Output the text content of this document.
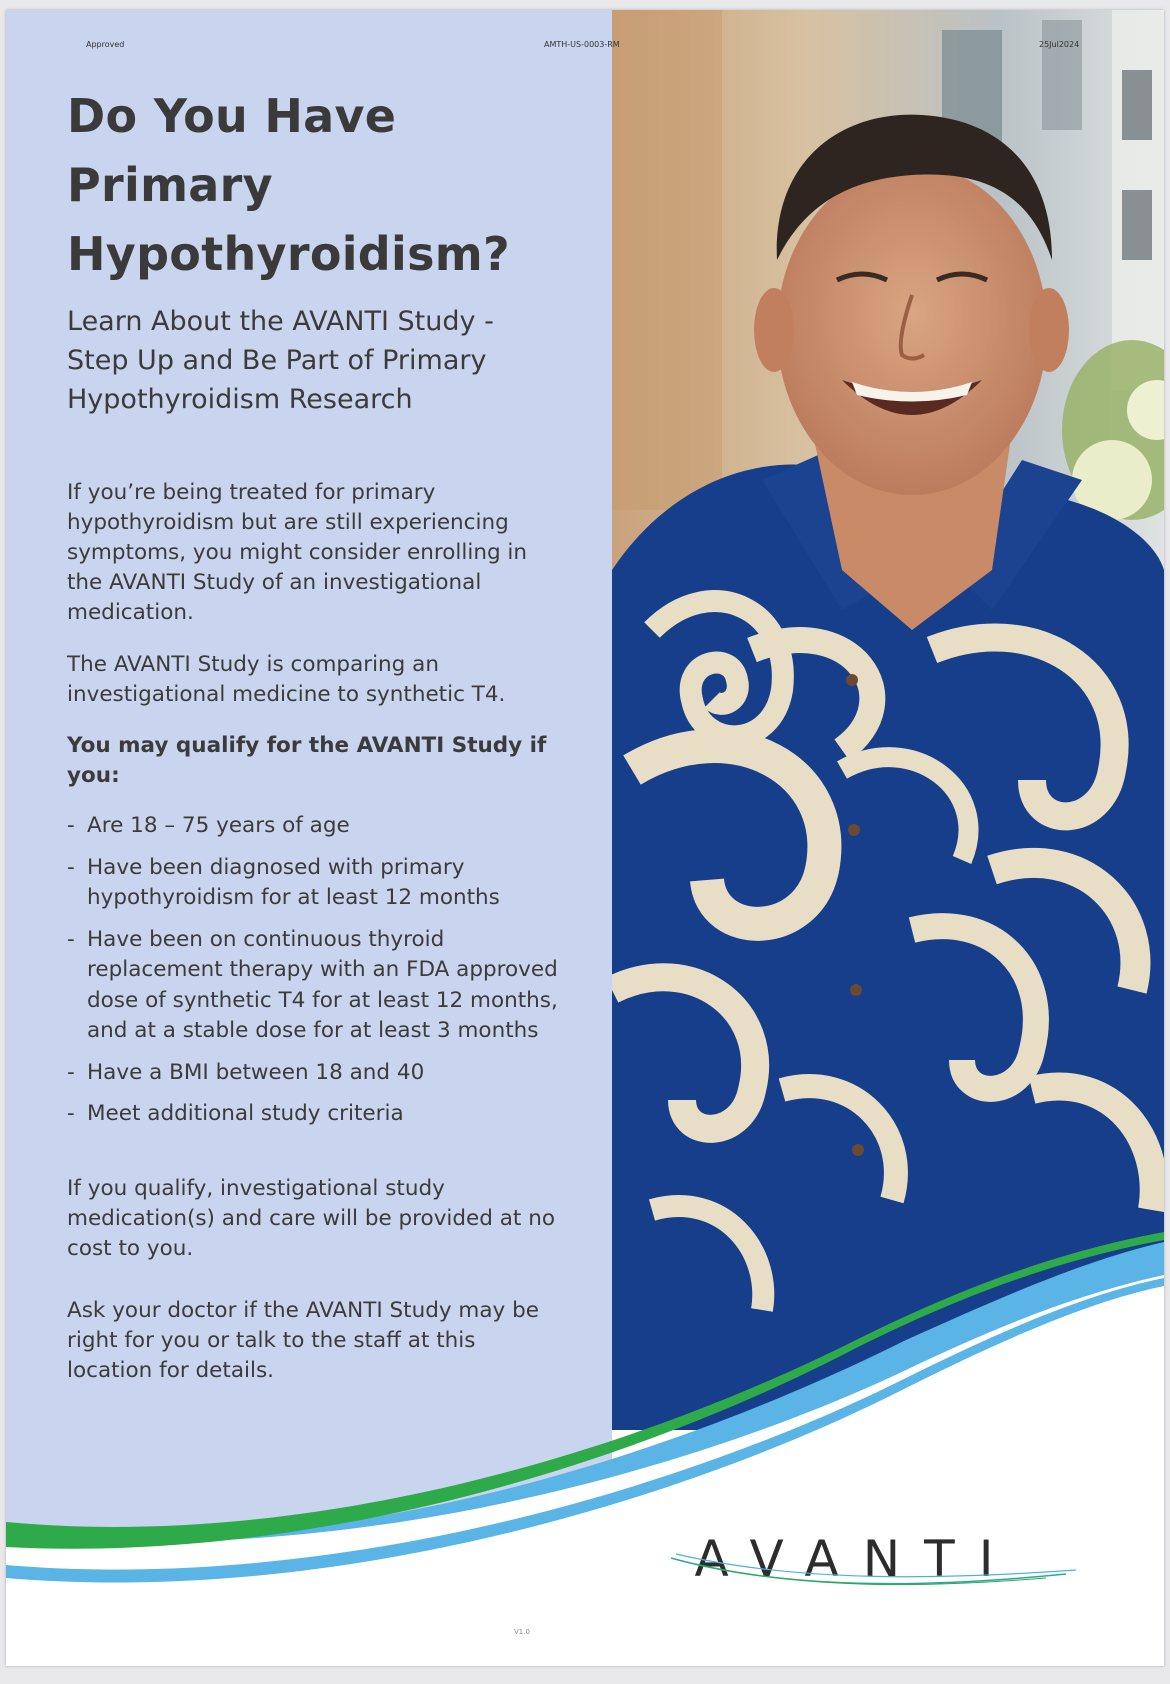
Approved	AMTH-US-0003-RM	25Jul2024
Do You Have Primary Hypothyroidism?
Learn About the AVANTI Study - Step Up and Be Part of Primary Hypothyroidism Research

If you’re being treated for primary hypothyroidism but are still experiencing symptoms, you might consider enrolling in the AVANTI Study of an investigational medication.

The AVANTI Study is comparing an investigational medicine to synthetic T4.

You may qualify for the AVANTI Study if you:

- Are 18 – 75 years of age
- Have been diagnosed with primary hypothyroidism for at least 12 months
- Have been on continuous thyroid replacement therapy with an FDA approved dose of synthetic T4 for at least 12 months, and at a stable dose for at least 3 months
- Have a BMI between 18 and 40
- Meet additional study criteria

If you qualify, investigational study medication(s) and care will be provided at no cost to you.

Ask your doctor if the AVANTI Study may be right for you or talk to the staff at this location for details.

AVANTI
V1.0
